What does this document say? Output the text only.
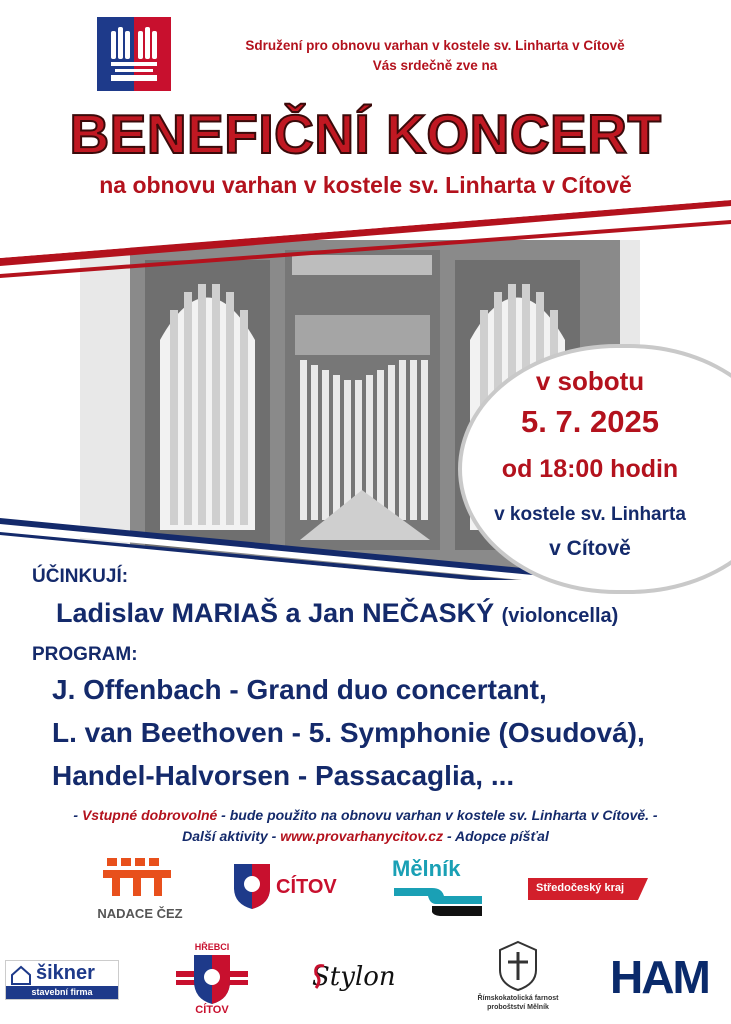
Sdružení pro obnovu varhan v kostele sv. Linharta v Cítově
Vás srdečně zve na
BENEFIČNÍ KONCERT
na obnovu varhan v kostele sv. Linharta v Cítově
v sobotu
5. 7. 2025
od 18:00 hodin
v kostele sv. Linharta
v Cítově
ÚČINKUJÍ:
Ladislav MARIAŠ a Jan NEČASKÝ (violoncella)
PROGRAM:
J. Offenbach - Grand duo concertant,
L. van Beethoven - 5. Symphonie (Osudová),
Handel-Halvorsen - Passacaglia, ...
- Vstupné dobrovolné - bude použito na obnovu varhan v kostele sv. Linharta v Cítově. -
Další aktivity - www.provarhanycitov.cz - Adopce píšťal
NADACE ČEZ
CÍTOV
Mělník
Středočeský kraj
šikner
stavební firma
HŘEBCI
CÍTOV
Stylon
Římskokatolická farnost
proboštství Mělník
HAM
